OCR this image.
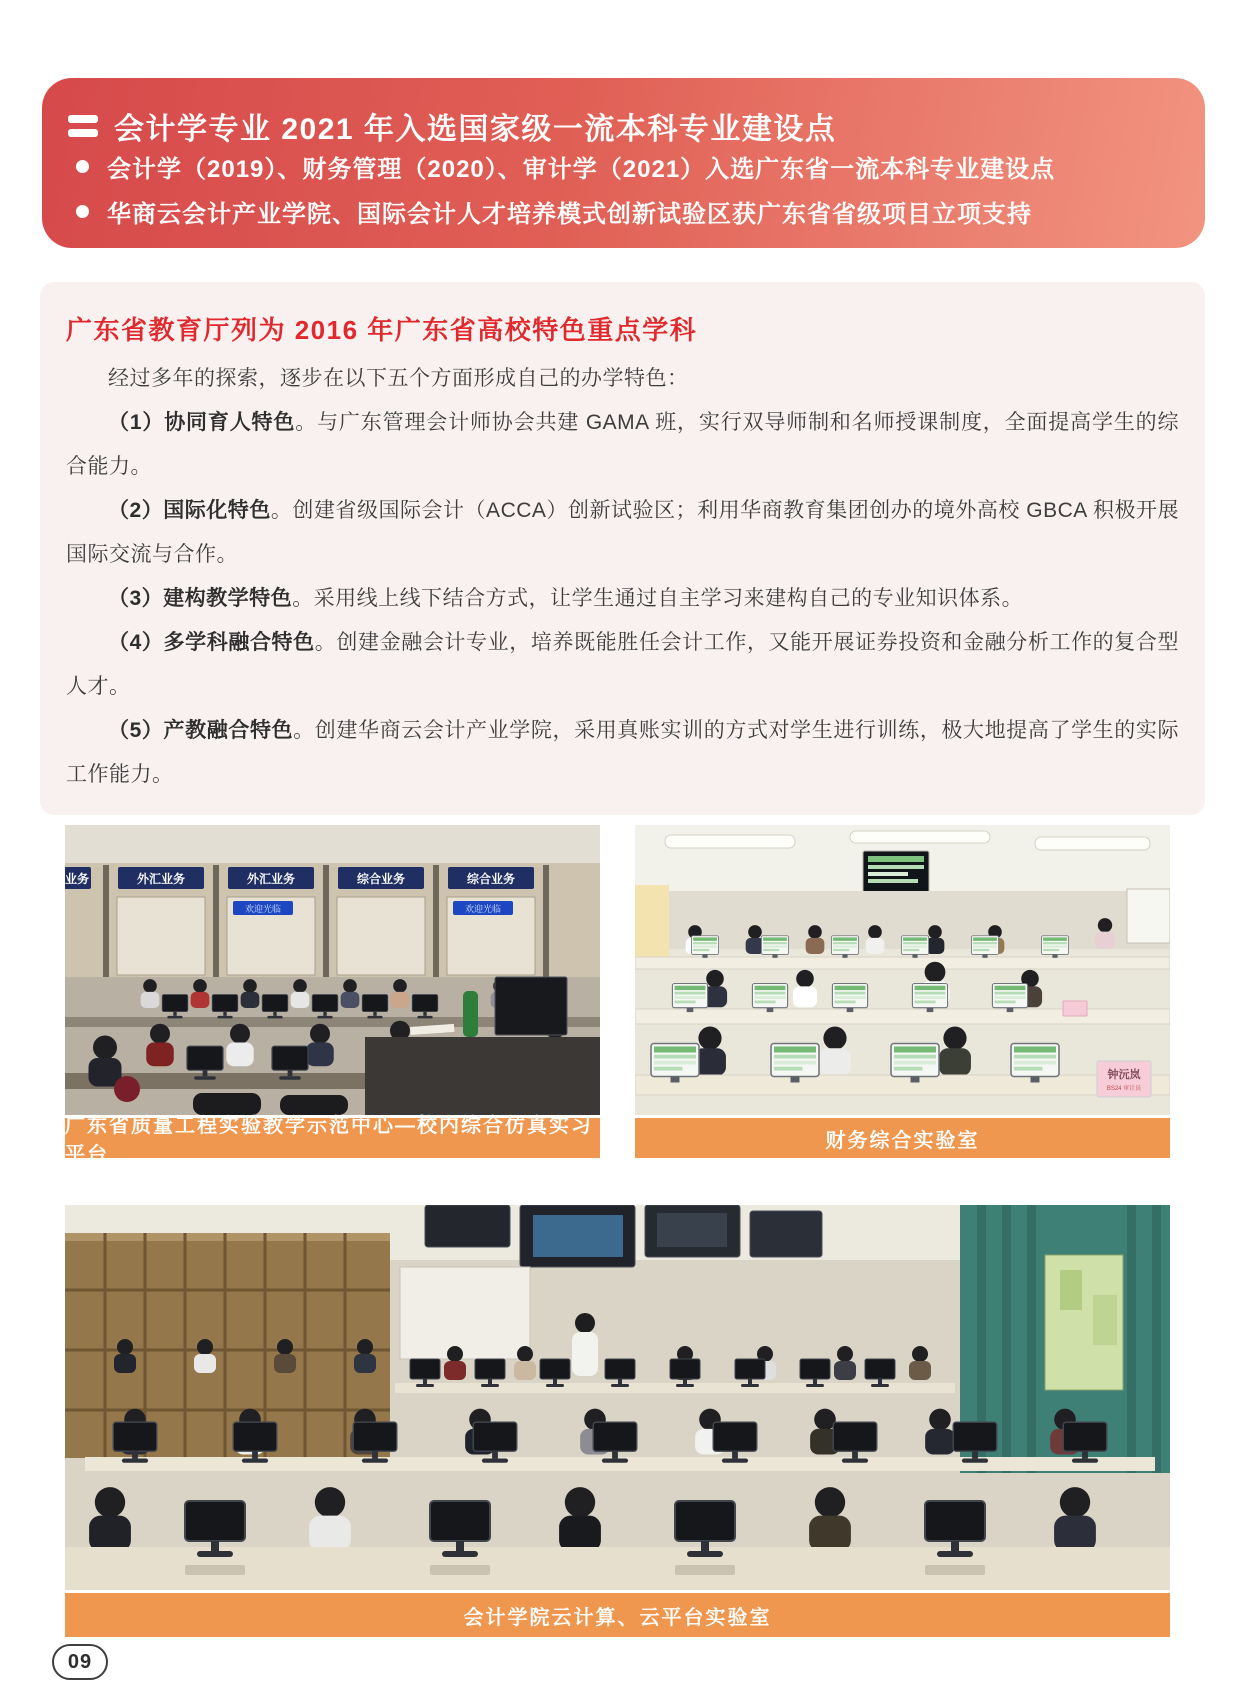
会计学专业 2021 年入选国家级一流本科专业建设点
会计学（2019）、财务管理（2020）、审计学（2021）入选广东省一流本科专业建设点
华商云会计产业学院、国际会计人才培养模式创新试验区获广东省省级项目立项支持
广东省教育厅列为 2016 年广东省高校特色重点学科

经过多年的探索，逐步在以下五个方面形成自己的办学特色：

（1）协同育人特色。与广东管理会计师协会共建 GAMA 班，实行双导师制和名师授课制度，全面提高学生的综合能力。

（2）国际化特色。创建省级国际会计（ACCA）创新试验区；利用华商教育集团创办的境外高校 GBCA 积极开展国际交流与合作。

（3）建构教学特色。采用线上线下结合方式，让学生通过自主学习来建构自己的专业知识体系。

（4）多学科融合特色。创建金融会计专业，培养既能胜任会计工作，又能开展证券投资和金融分析工作的复合型人才。

（5）产教融合特色。创建华商云会计产业学院，采用真账实训的方式对学生进行训练，极大地提高了学生的实际工作能力。

业务	外汇业务	外汇业务	综合业务	综合业务
欢迎光临	欢迎光临
广东省质量工程实验教学示范中心—校内综合仿真实习平台
钟沅岚
BS24 审计员
财务综合实验室
会计学院云计算、云平台实验室
09
